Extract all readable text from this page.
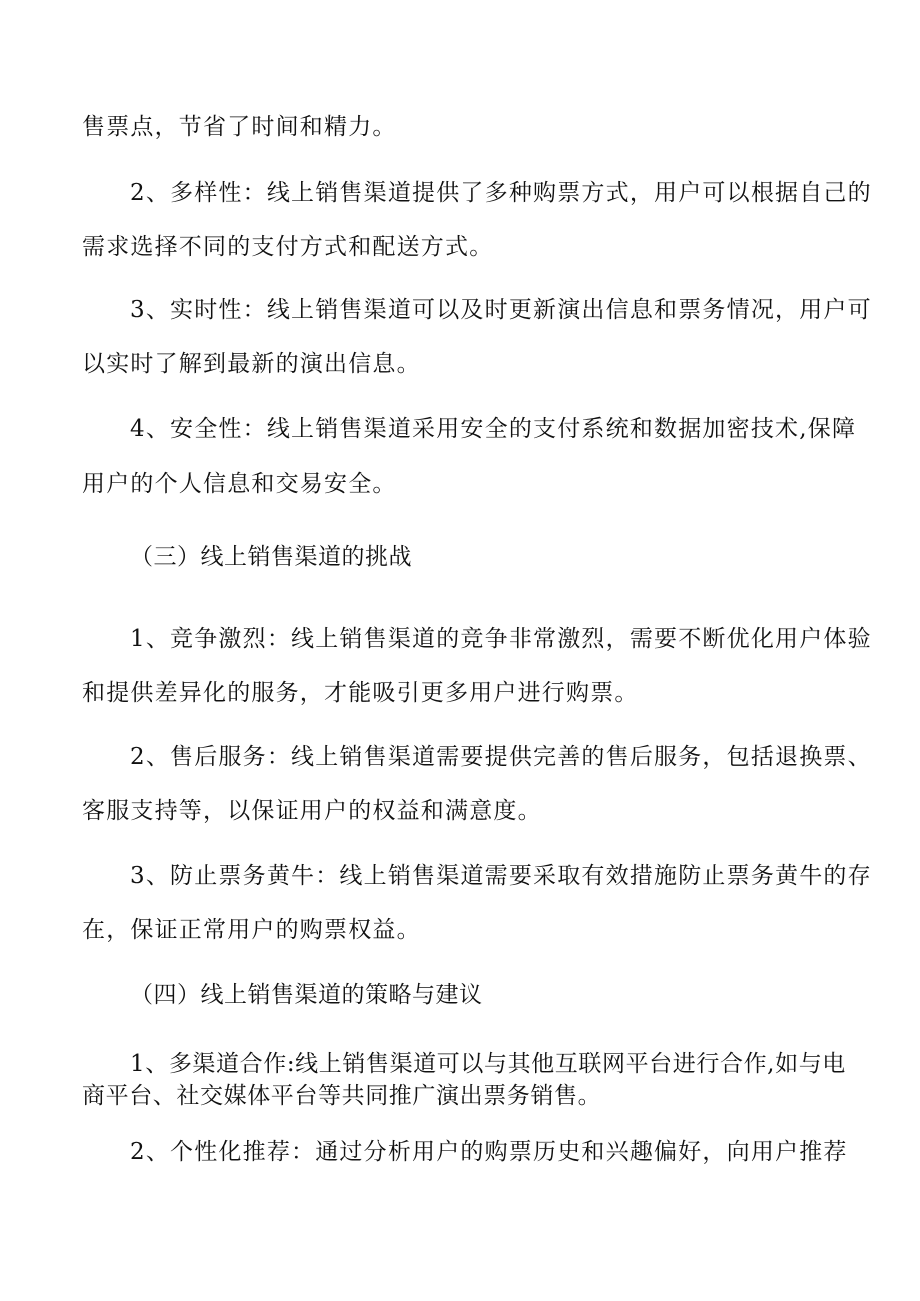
售票点，节省了时间和精力。
2、多样性：线上销售渠道提供了多种购票方式，用户可以根据自己的
需求选择不同的支付方式和配送方式。
3、实时性：线上销售渠道可以及时更新演出信息和票务情况，用户可
以实时了解到最新的演出信息。
4、安全性：线上销售渠道采用安全的支付系统和数据加密技术,保障
用户的个人信息和交易安全。
（三）线上销售渠道的挑战
1、竞争激烈：线上销售渠道的竞争非常激烈，需要不断优化用户体验
和提供差异化的服务，才能吸引更多用户进行购票。
2、售后服务：线上销售渠道需要提供完善的售后服务，包括退换票、
客服支持等，以保证用户的权益和满意度。
3、防止票务黄牛：线上销售渠道需要采取有效措施防止票务黄牛的存
在，保证正常用户的购票权益。
（四）线上销售渠道的策略与建议
1、多渠道合作:线上销售渠道可以与其他互联网平台进行合作,如与电
商平台、社交媒体平台等共同推广演出票务销售。
2、个性化推荐：通过分析用户的购票历史和兴趣偏好，向用户推荐
